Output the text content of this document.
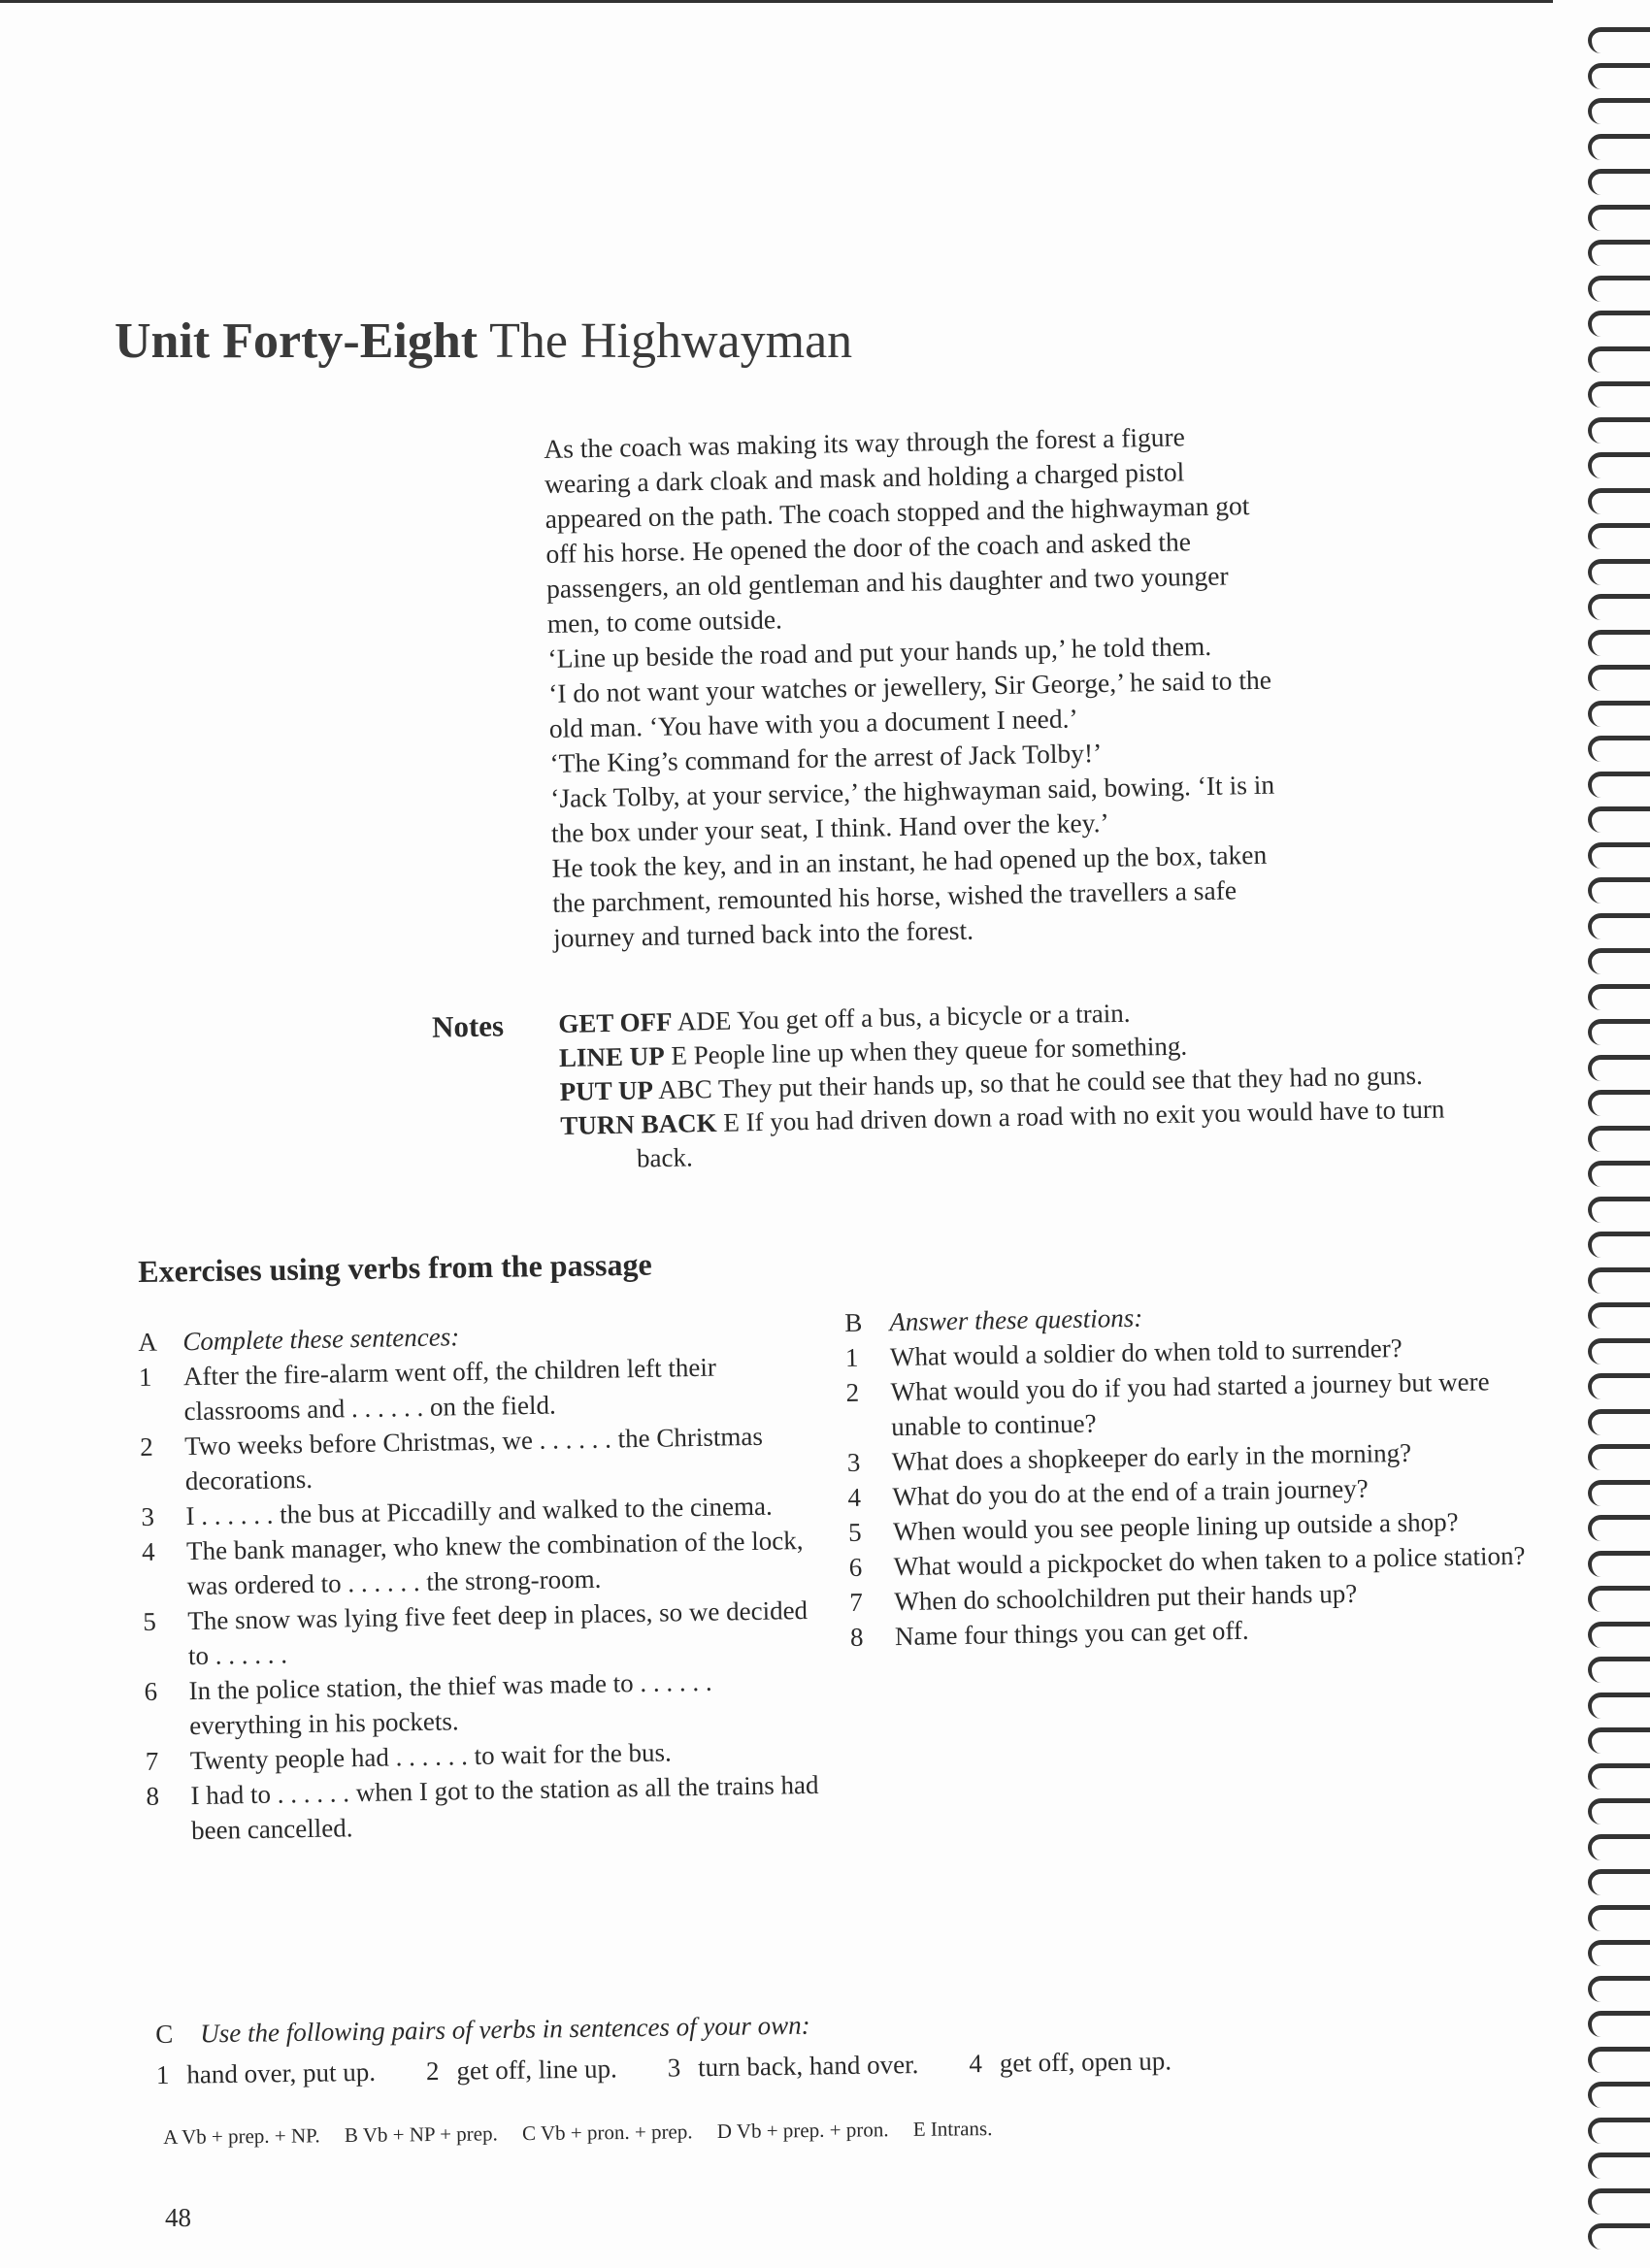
Unit Forty-Eight The Highwayman

As the coach was making its way through the forest a figure

wearing a dark cloak and mask and holding a charged pistol

appeared on the path. The coach stopped and the highwayman got

off his horse. He opened the door of the coach and asked the

passengers, an old gentleman and his daughter and two younger

men, to come outside.

‘Line up beside the road and put your hands up,’ he told them.

‘I do not want your watches or jewellery, Sir George,’ he said to the

old man. ‘You have with you a document I need.’

‘The King’s command for the arrest of Jack Tolby!’

‘Jack Tolby, at your service,’ the highwayman said, bowing. ‘It is in

the box under your seat, I think. Hand over the key.’

He took the key, and in an instant, he had opened up the box, taken

the parchment, remounted his horse, wished the travellers a safe

journey and turned back into the forest.

Notes GET OFF ADE You get off a bus, a bicycle or a train.

LINE UP E People line up when they queue for something.

PUT UP ABC They put their hands up, so that he could see that they had no guns.

TURN BACK E If you had driven down a road with no exit you would have to turn back.

Exercises using verbs from the passage
A Complete these sentences:
1	After the fire-alarm went off, the children left their classrooms and . . . . . . on the field.
2	Two weeks before Christmas, we . . . . . . the Christmas decorations.
3	I . . . . . . the bus at Piccadilly and walked to the cinema.
4	The bank manager, who knew the combination of the lock, was ordered to . . . . . . the strong-room.
5	The snow was lying five feet deep in places, so we decided to . . . . . .
6	In the police station, the thief was made to . . . . . . everything in his pockets.
7	Twenty people had . . . . . . to wait for the bus.
8	I had to . . . . . . when I got to the station as all the trains had been cancelled.
B	Answer these questions:
1	What would a soldier do when told to surrender?
2	What would you do if you had started a journey but were unable to continue?
3	What does a shopkeeper do early in the morning?
4	What do you do at the end of a train journey?
5	When would you see people lining up outside a shop?
6	What would a pickpocket do when taken to a police station?
7	When do schoolchildren put their hands up?
8	Name four things you can get off.
C	Use the following pairs of verbs in sentences of your own:
1 hand over, put up. 2 get off, line up. 3 turn back, hand over. 4 get off, open up.
A Vb + prep. + NP. B Vb + NP + prep. C Vb + pron. + prep. D Vb + prep. + pron. E Intrans.
48
